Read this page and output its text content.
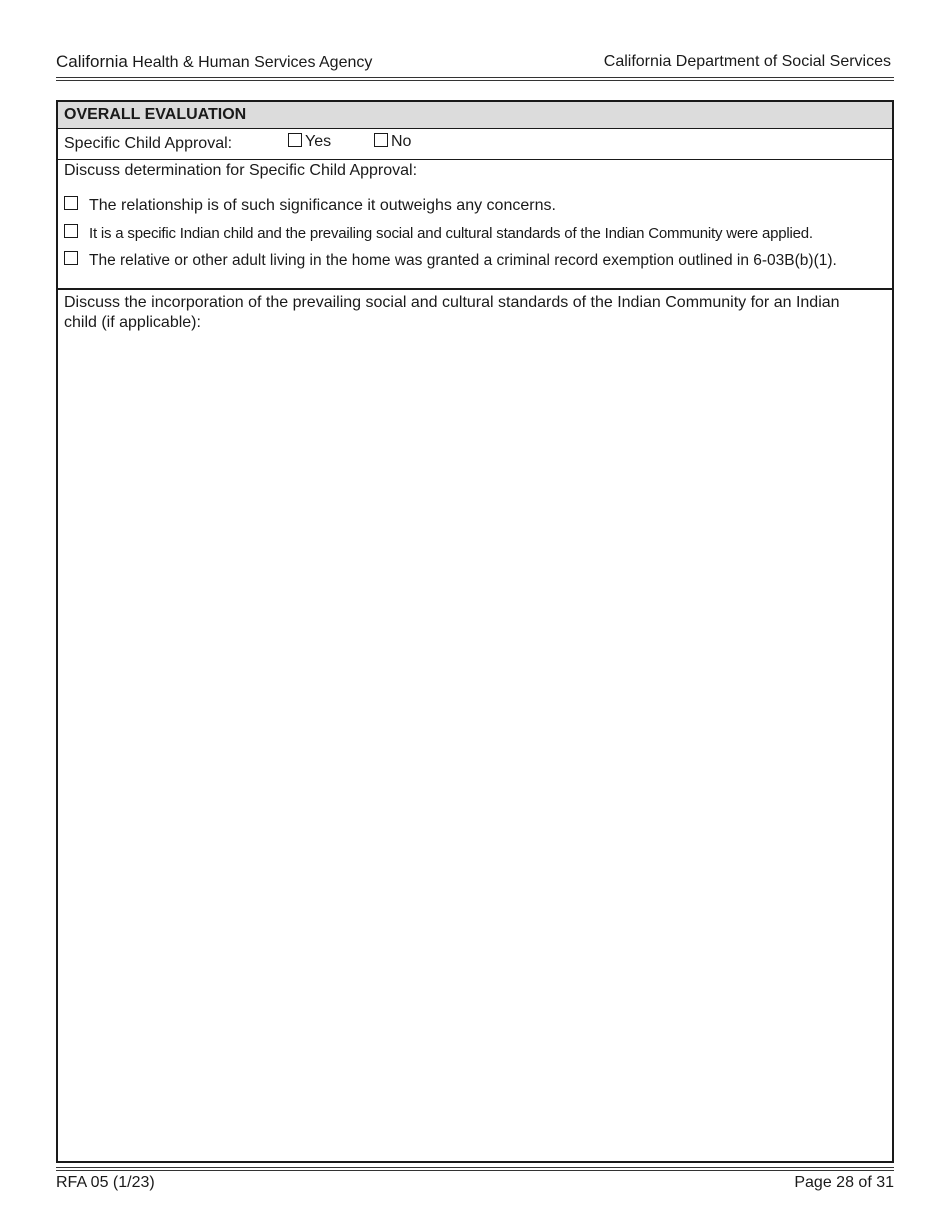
California Health & Human Services Agency	California Department of Social Services
OVERALL EVALUATION
Specific Child Approval:	Yes	No
Discuss determination for Specific Child Approval:
The relationship is of such significance it outweighs any concerns.
It is a specific Indian child and the prevailing social and cultural standards of the Indian Community were applied.
The relative or other adult living in the home was granted a criminal record exemption outlined in 6-03B(b)(1).
Discuss the incorporation of the prevailing social and cultural standards of the Indian Community for an Indian child (if applicable):
RFA 05 (1/23)	Page 28 of 31
